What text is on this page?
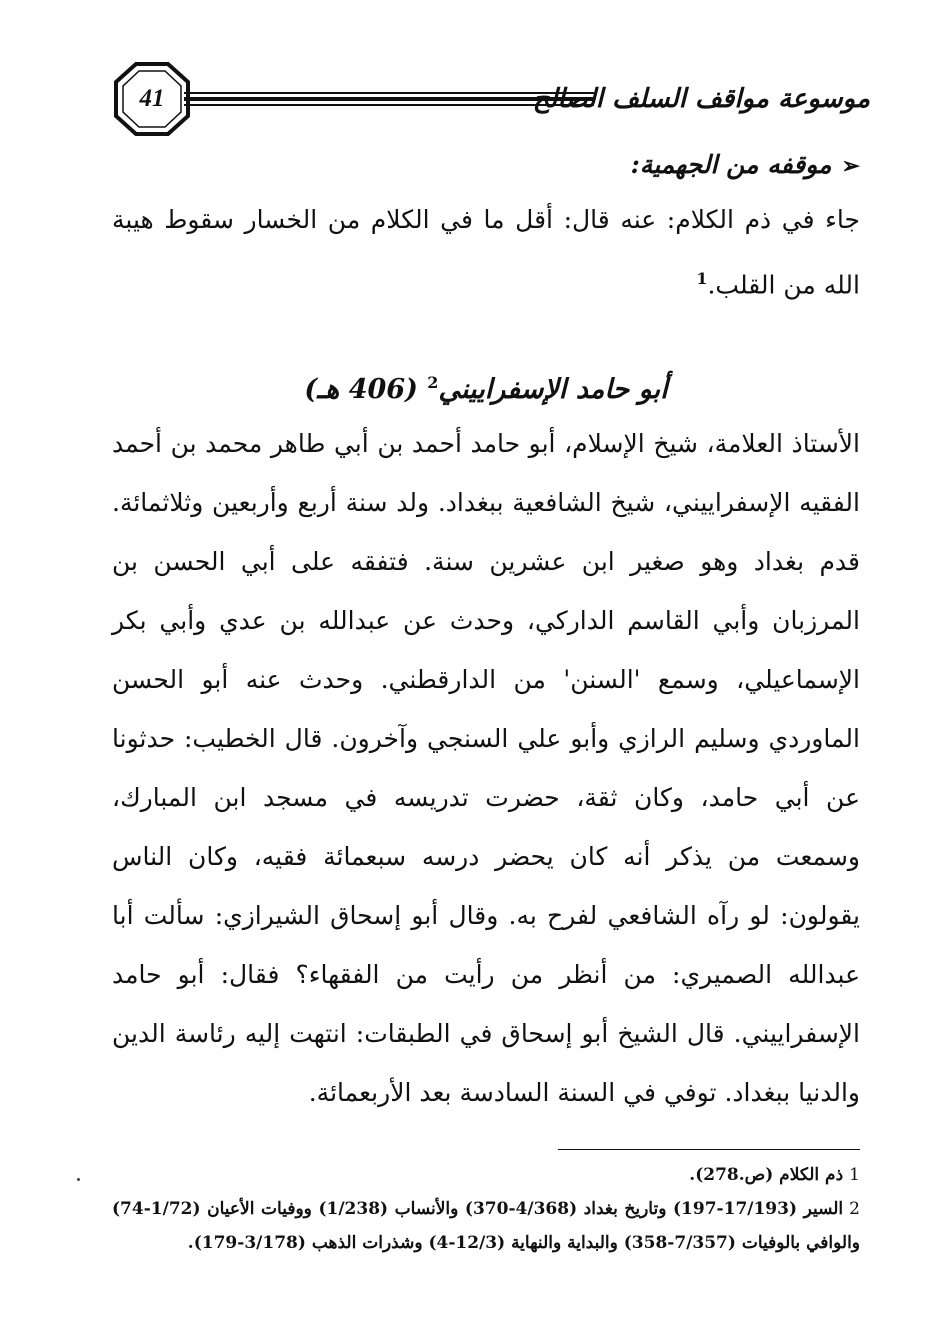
41	موسوعة مواقف السلف الصالح
➢موقفه من الجهمية:
جاء في ذم الكلام: عنه قال: أقل ما في الكلام من الخسار سقوط هيبة الله من القلب.$^1$
أبو حامد الإسفراييني$^2$ (406 هـ)
الأستاذ العلامة، شيخ الإسلام، أبو حامد أحمد بن أبي طاهر محمد بن أحمد الفقيه الإسفراييني، شيخ الشافعية ببغداد. ولد سنة أربع وأربعين وثلاثمائة. قدم بغداد وهو صغير ابن عشرين سنة. فتفقه على أبي الحسن بن المرزبان وأبي القاسم الداركي، وحدث عن عبدالله بن عدي وأبي بكر الإسماعيلي، وسمع 'السنن' من الدارقطني. وحدث عنه أبو الحسن الماوردي وسليم الرازي وأبو علي السنجي وآخرون. قال الخطيب: حدثونا عن أبي حامد، وكان ثقة، حضرت تدريسه في مسجد ابن المبارك، وسمعت من يذكر أنه كان يحضر درسه سبعمائة فقيه، وكان الناس يقولون: لو رآه الشافعي لفرح به. وقال أبو إسحاق الشيرازي: سألت أبا عبدالله الصميري: من أنظر من رأيت من الفقهاء؟ فقال: أبو حامد الإسفراييني. قال الشيخ أبو إسحاق في الطبقات: انتهت إليه رئاسة الدين والدنيا ببغداد. توفي في السنة السادسة بعد الأربعمائة.

1ذم الكلام (ص.278).

2السير (17/193-197) وتاريخ بغداد (4/368-370) والأنساب (1/238) ووفيات الأعيان (1/72-74) والوافي بالوفيات (7/357-358) والبداية والنهاية (12/3-4) وشذرات الذهب (3/178-179).
